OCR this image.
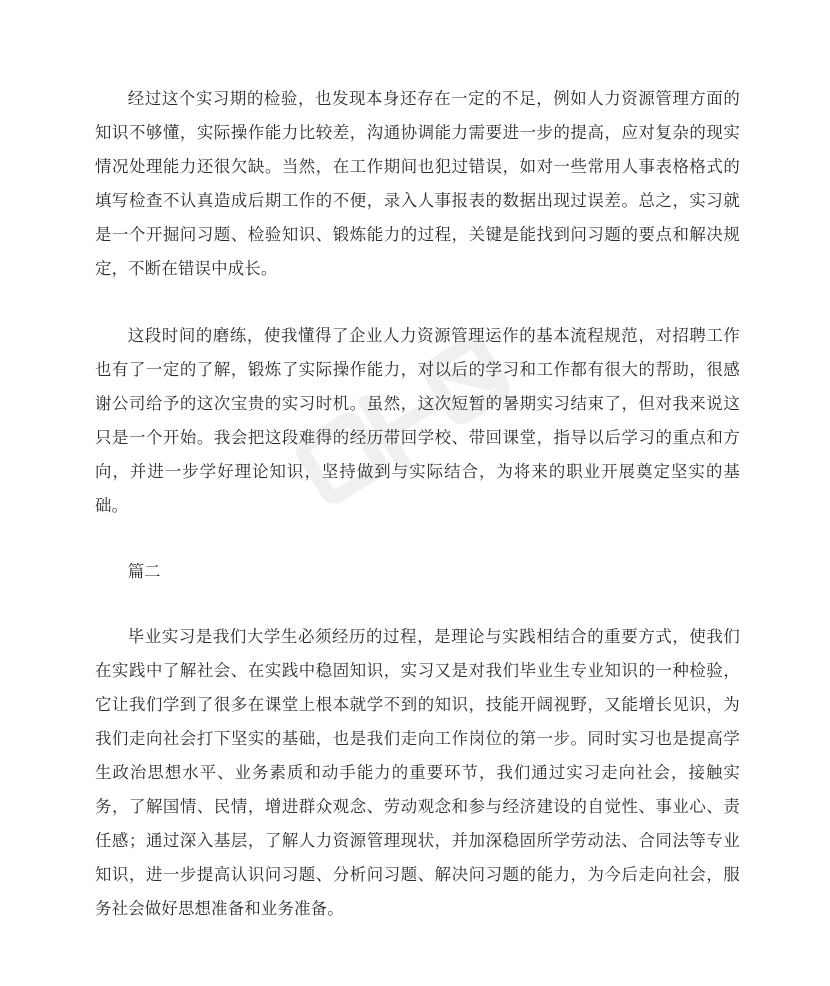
经过这个实习期的检验，也发现本身还存在一定的不足，例如人力资源管理方面的知识不够懂，实际操作能力比较差，沟通协调能力需要进一步的提高，应对复杂的现实情况处理能力还很欠缺。当然，在工作期间也犯过错误，如对一些常用人事表格格式的填写检查不认真造成后期工作的不便，录入人事报表的数据出现过误差。总之，实习就是一个开掘问习题、检验知识、锻炼能力的过程，关键是能找到问习题的要点和解决规定，不断在错误中成长。

这段时间的磨练，使我懂得了企业人力资源管理运作的基本流程规范，对招聘工作也有了一定的了解，锻炼了实际操作能力，对以后的学习和工作都有很大的帮助，很感谢公司给予的这次宝贵的实习时机。虽然，这次短暂的暑期实习结束了，但对我来说这只是一个开始。我会把这段难得的经历带回学校、带回课堂，指导以后学习的重点和方向，并进一步学好理论知识，坚持做到与实际结合，为将来的职业开展奠定坚实的基础。

篇二

毕业实习是我们大学生必须经历的过程，是理论与实践相结合的重要方式，使我们在实践中了解社会、在实践中稳固知识，实习又是对我们毕业生专业知识的一种检验，它让我们学到了很多在课堂上根本就学不到的知识，技能开阔视野，又能增长见识，为我们走向社会打下坚实的基础，也是我们走向工作岗位的第一步。同时实习也是提高学生政治思想水平、业务素质和动手能力的重要环节，我们通过实习走向社会，接触实务，了解国情、民情，增进群众观念、劳动观念和参与经济建设的自觉性、事业心、责任感；通过深入基层，了解人力资源管理现状，并加深稳固所学劳动法、合同法等专业知识，进一步提高认识问习题、分析问习题、解决问习题的能力，为今后走向社会，服务社会做好思想准备和业务准备。
